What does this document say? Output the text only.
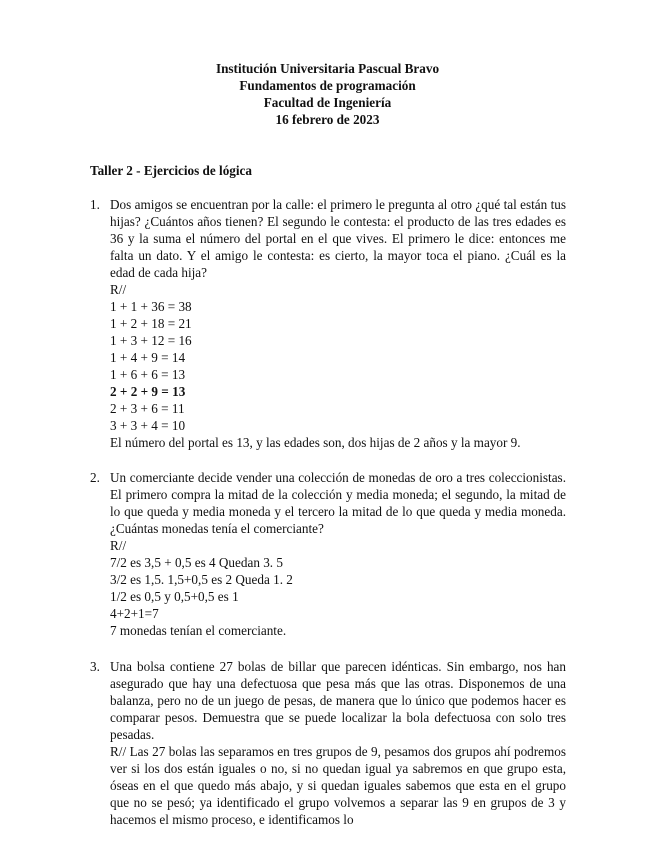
Institución Universitaria Pascual Bravo
Fundamentos de programación
Facultad de Ingeniería
16 febrero de 2023
Taller 2 - Ejercicios de lógica
1. Dos amigos se encuentran por la calle: el primero le pregunta al otro ¿qué tal están tus hijas? ¿Cuántos años tienen? El segundo le contesta: el producto de las tres edades es 36 y la suma el número del portal en el que vives. El primero le dice: entonces me falta un dato. Y el amigo le contesta: es cierto, la mayor toca el piano. ¿Cuál es la edad de cada hija?
R//
1 + 1 + 36 = 38
1 + 2 + 18 = 21
1 + 3 + 12 = 16
1 + 4 + 9 = 14
1 + 6 + 6 = 13
2 + 2 + 9 = 13
2 + 3 + 6 = 11
3 + 3 + 4 = 10
El número del portal es 13, y las edades son, dos hijas de 2 años y la mayor 9.
2. Un comerciante decide vender una colección de monedas de oro a tres coleccionistas. El primero compra la mitad de la colección y media moneda; el segundo, la mitad de lo que queda y media moneda y el tercero la mitad de lo que queda y media moneda. ¿Cuántas monedas tenía el comerciante?
R//
7/2 es 3,5 + 0,5 es 4 Quedan 3. 5
3/2 es 1,5. 1,5+0,5 es 2 Queda 1. 2
1/2 es 0,5 y 0,5+0,5 es 1
4+2+1=7
7 monedas tenían el comerciante.
3. Una bolsa contiene 27 bolas de billar que parecen idénticas. Sin embargo, nos han asegurado que hay una defectuosa que pesa más que las otras. Disponemos de una balanza, pero no de un juego de pesas, de manera que lo único que podemos hacer es comparar pesos. Demuestra que se puede localizar la bola defectuosa con solo tres pesadas.
R// Las 27 bolas las separamos en tres grupos de 9, pesamos dos grupos ahí podremos ver si los dos están iguales o no, si no quedan igual ya sabremos en que grupo esta, óseas en el que quedo más abajo, y si quedan iguales sabemos que esta en el grupo que no se pesó; ya identificado el grupo volvemos a separar las 9 en grupos de 3 y hacemos el mismo proceso, e identificamos lo
